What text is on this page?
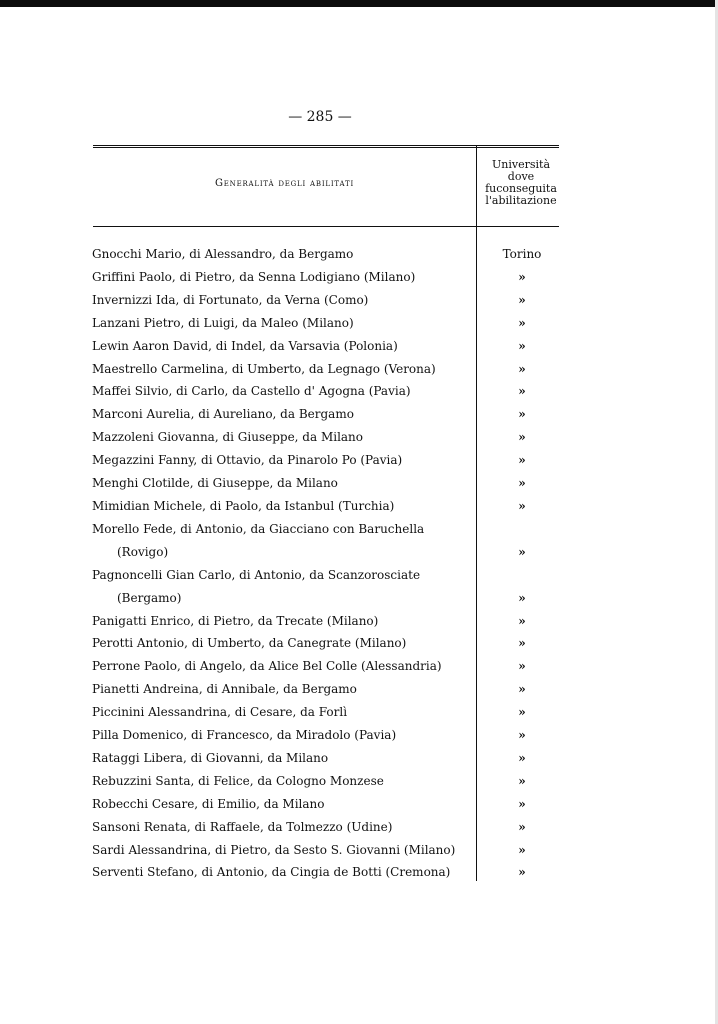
— 285 —
Generalità degli abilitati
Università
dove
fuconseguita
l'abilitazione
Gnocchi Mario, di Alessandro, da Bergamo	Torino
Griffini Paolo, di Pietro, da Senna Lodigiano (Milano)	»
Invernizzi Ida, di Fortunato, da Verna (Como)	»
Lanzani Pietro, di Luigi, da Maleo (Milano)	»
Lewin Aaron David, di Indel, da Varsavia (Polonia)	»
Maestrello Carmelina, di Umberto, da Legnago (Verona)	»
Maffei Silvio, di Carlo, da Castello d' Agogna (Pavia)	»
Marconi Aurelia, di Aureliano, da Bergamo	»
Mazzoleni Giovanna, di Giuseppe, da Milano	»
Megazzini Fanny, di Ottavio, da Pinarolo Po (Pavia)	»
Menghi Clotilde, di Giuseppe, da Milano	»
Mimidian Michele, di Paolo, da Istanbul (Turchia)	»
Morello Fede, di Antonio, da Giacciano con Baruchella
(Rovigo)	»
Pagnoncelli Gian Carlo, di Antonio, da Scanzorosciate
(Bergamo)	»
Panigatti Enrico, di Pietro, da Trecate (Milano)	»
Perotti Antonio, di Umberto, da Canegrate (Milano)	»
Perrone Paolo, di Angelo, da Alice Bel Colle (Alessandria)	»
Pianetti Andreina, di Annibale, da Bergamo	»
Piccinini Alessandrina, di Cesare, da Forlì	»
Pilla Domenico, di Francesco, da Miradolo (Pavia)	»
Rataggi Libera, di Giovanni, da Milano	»
Rebuzzini Santa, di Felice, da Cologno Monzese	»
Robecchi Cesare, di Emilio, da Milano	»
Sansoni Renata, di Raffaele, da Tolmezzo (Udine)	»
Sardi Alessandrina, di Pietro, da Sesto S. Giovanni (Milano)	»
Serventi Stefano, di Antonio, da Cingia de Botti (Cremona)	»
